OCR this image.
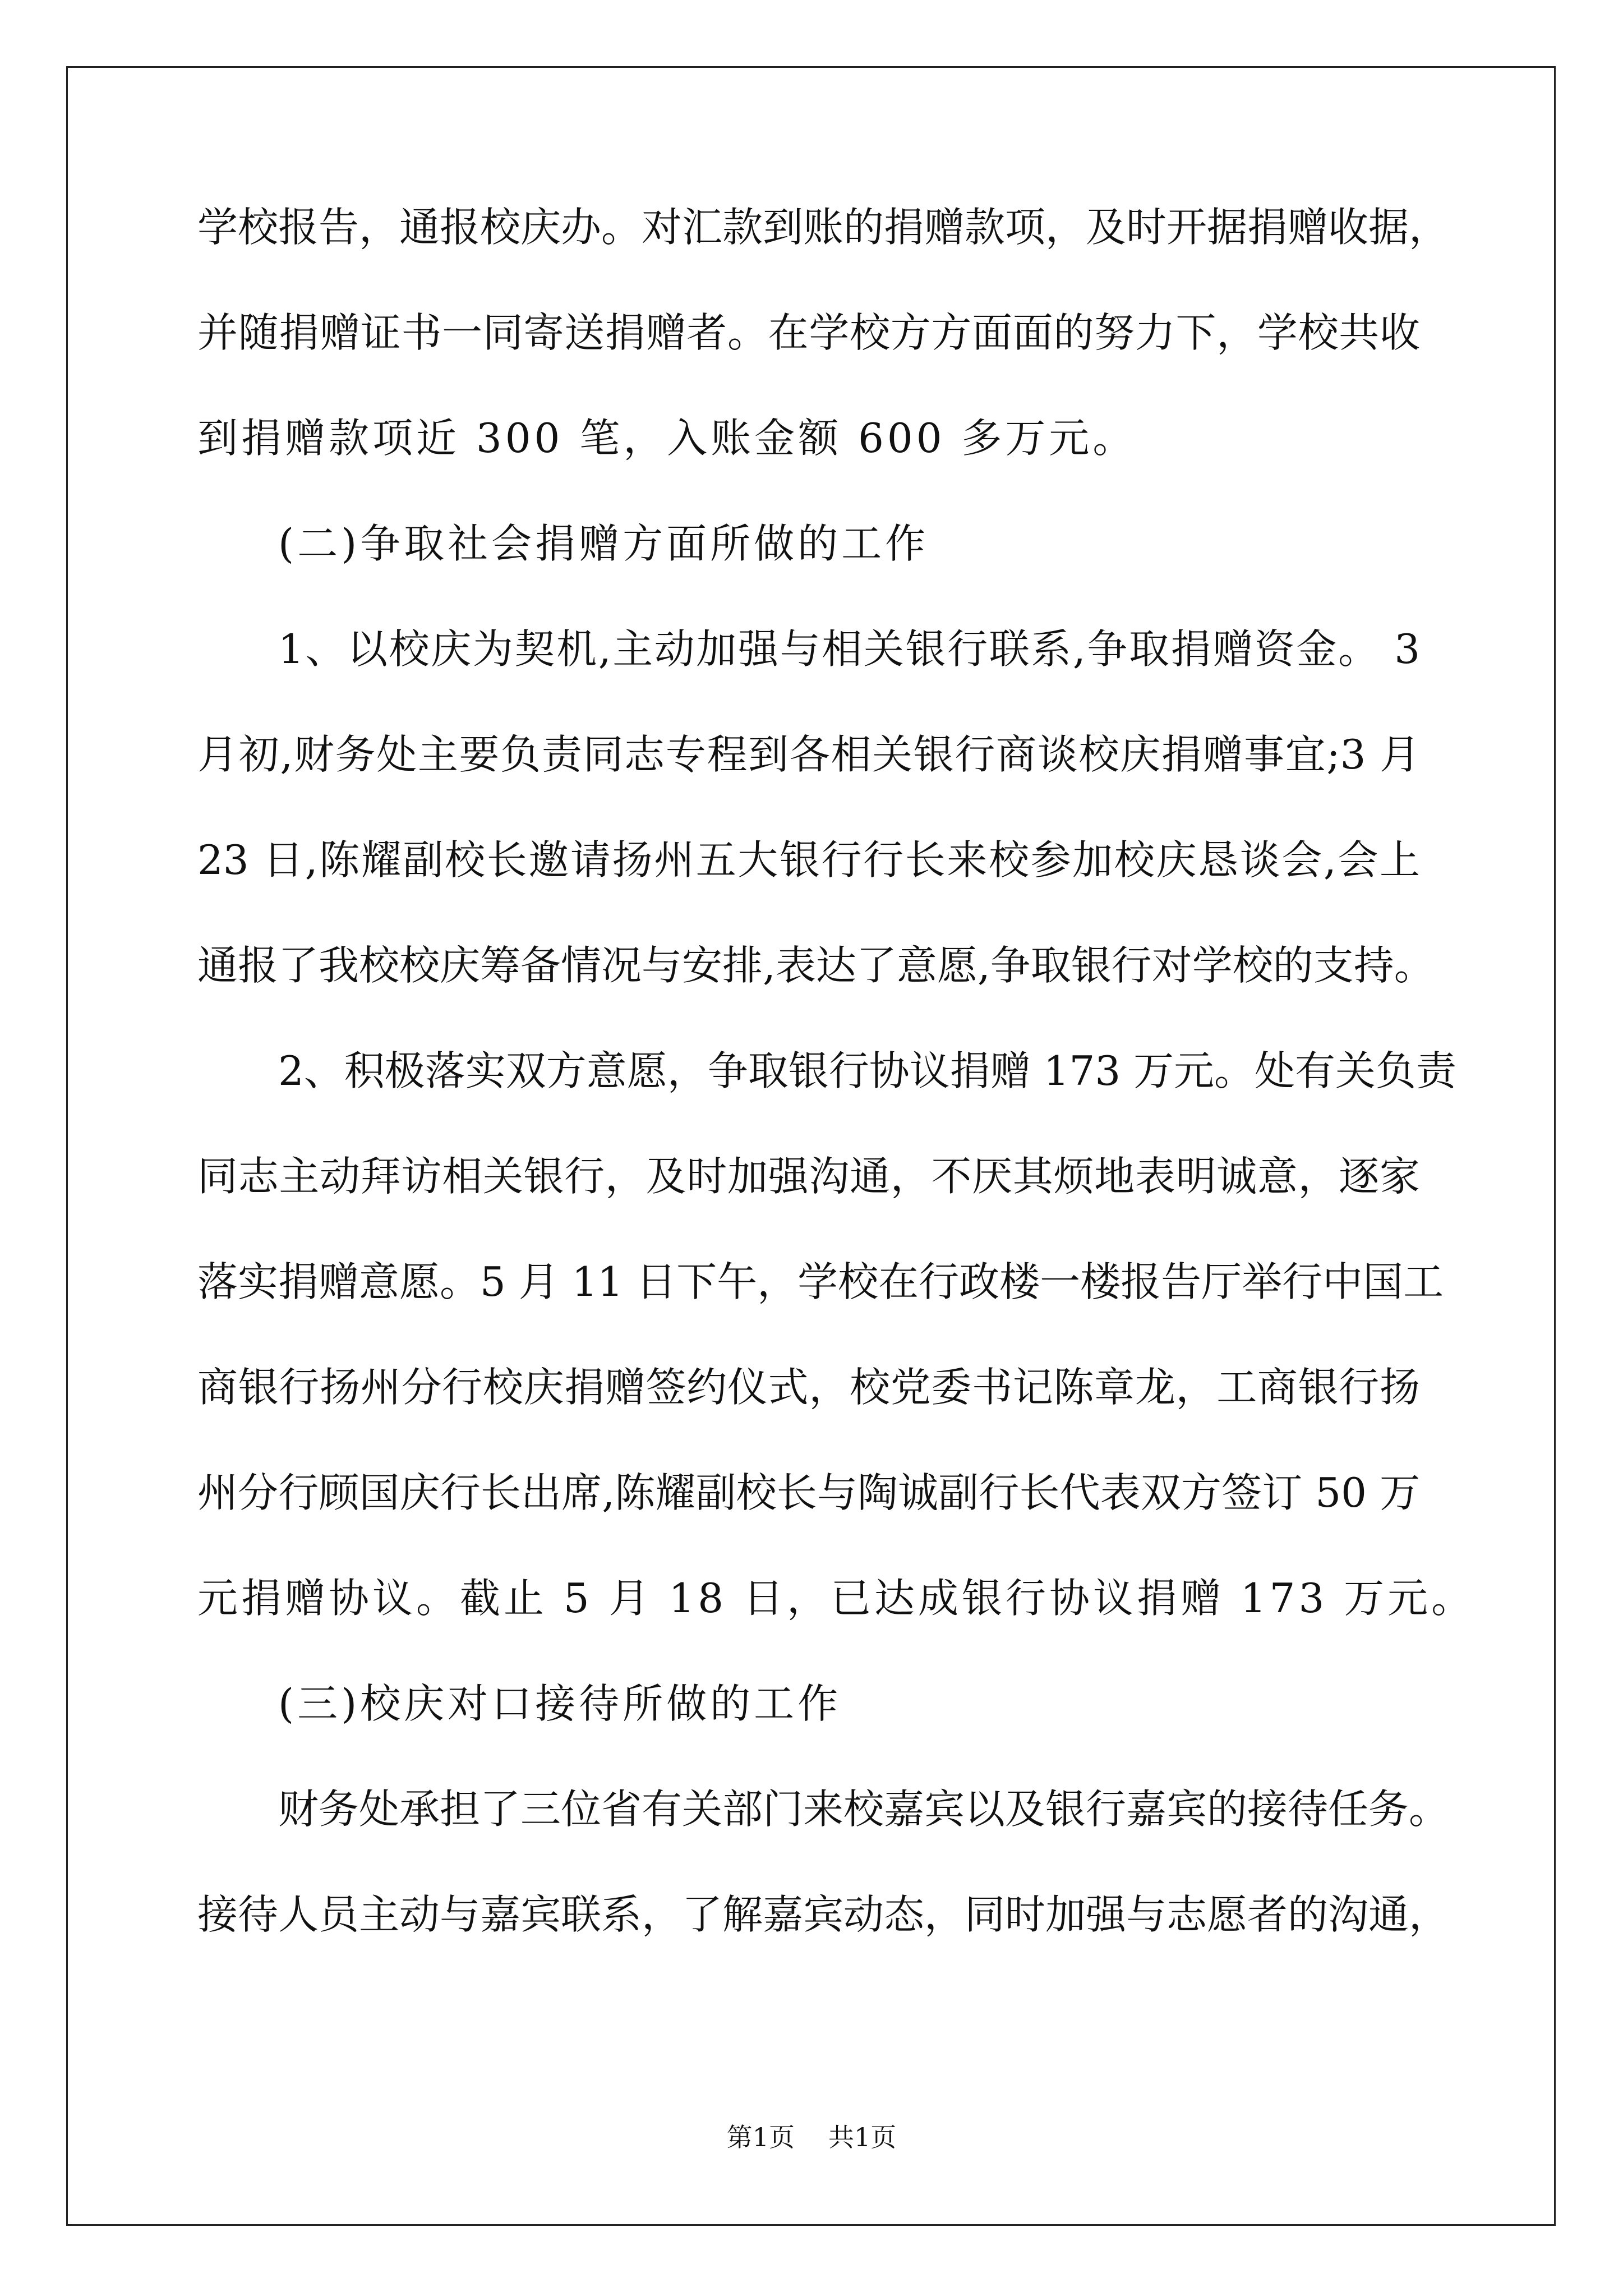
学校报告，通报校庆办。对汇款到账的捐赠款项，及时开据捐赠收据，
并随捐赠证书一同寄送捐赠者。在学校方方面面的努力下，学校共收
到捐赠款项近 300 笔，入账金额 600 多万元。
(二)争取社会捐赠方面所做的工作
1、以校庆为契机,主动加强与相关银行联系,争取捐赠资金。 3
月初,财务处主要负责同志专程到各相关银行商谈校庆捐赠事宜;3 月
23 日,陈耀副校长邀请扬州五大银行行长来校参加校庆恳谈会,会上
通报了我校校庆筹备情况与安排,表达了意愿,争取银行对学校的支持。
2、积极落实双方意愿，争取银行协议捐赠 173 万元。处有关负责
同志主动拜访相关银行，及时加强沟通，不厌其烦地表明诚意，逐家
落实捐赠意愿。5 月 11 日下午，学校在行政楼一楼报告厅举行中国工
商银行扬州分行校庆捐赠签约仪式，校党委书记陈章龙，工商银行扬
州分行顾国庆行长出席,陈耀副校长与陶诚副行长代表双方签订 50 万
元捐赠协议。截止 5 月 18 日，已达成银行协议捐赠 173 万元。
(三)校庆对口接待所做的工作
财务处承担了三位省有关部门来校嘉宾以及银行嘉宾的接待任务。
接待人员主动与嘉宾联系，了解嘉宾动态，同时加强与志愿者的沟通，
第1页 共1页
